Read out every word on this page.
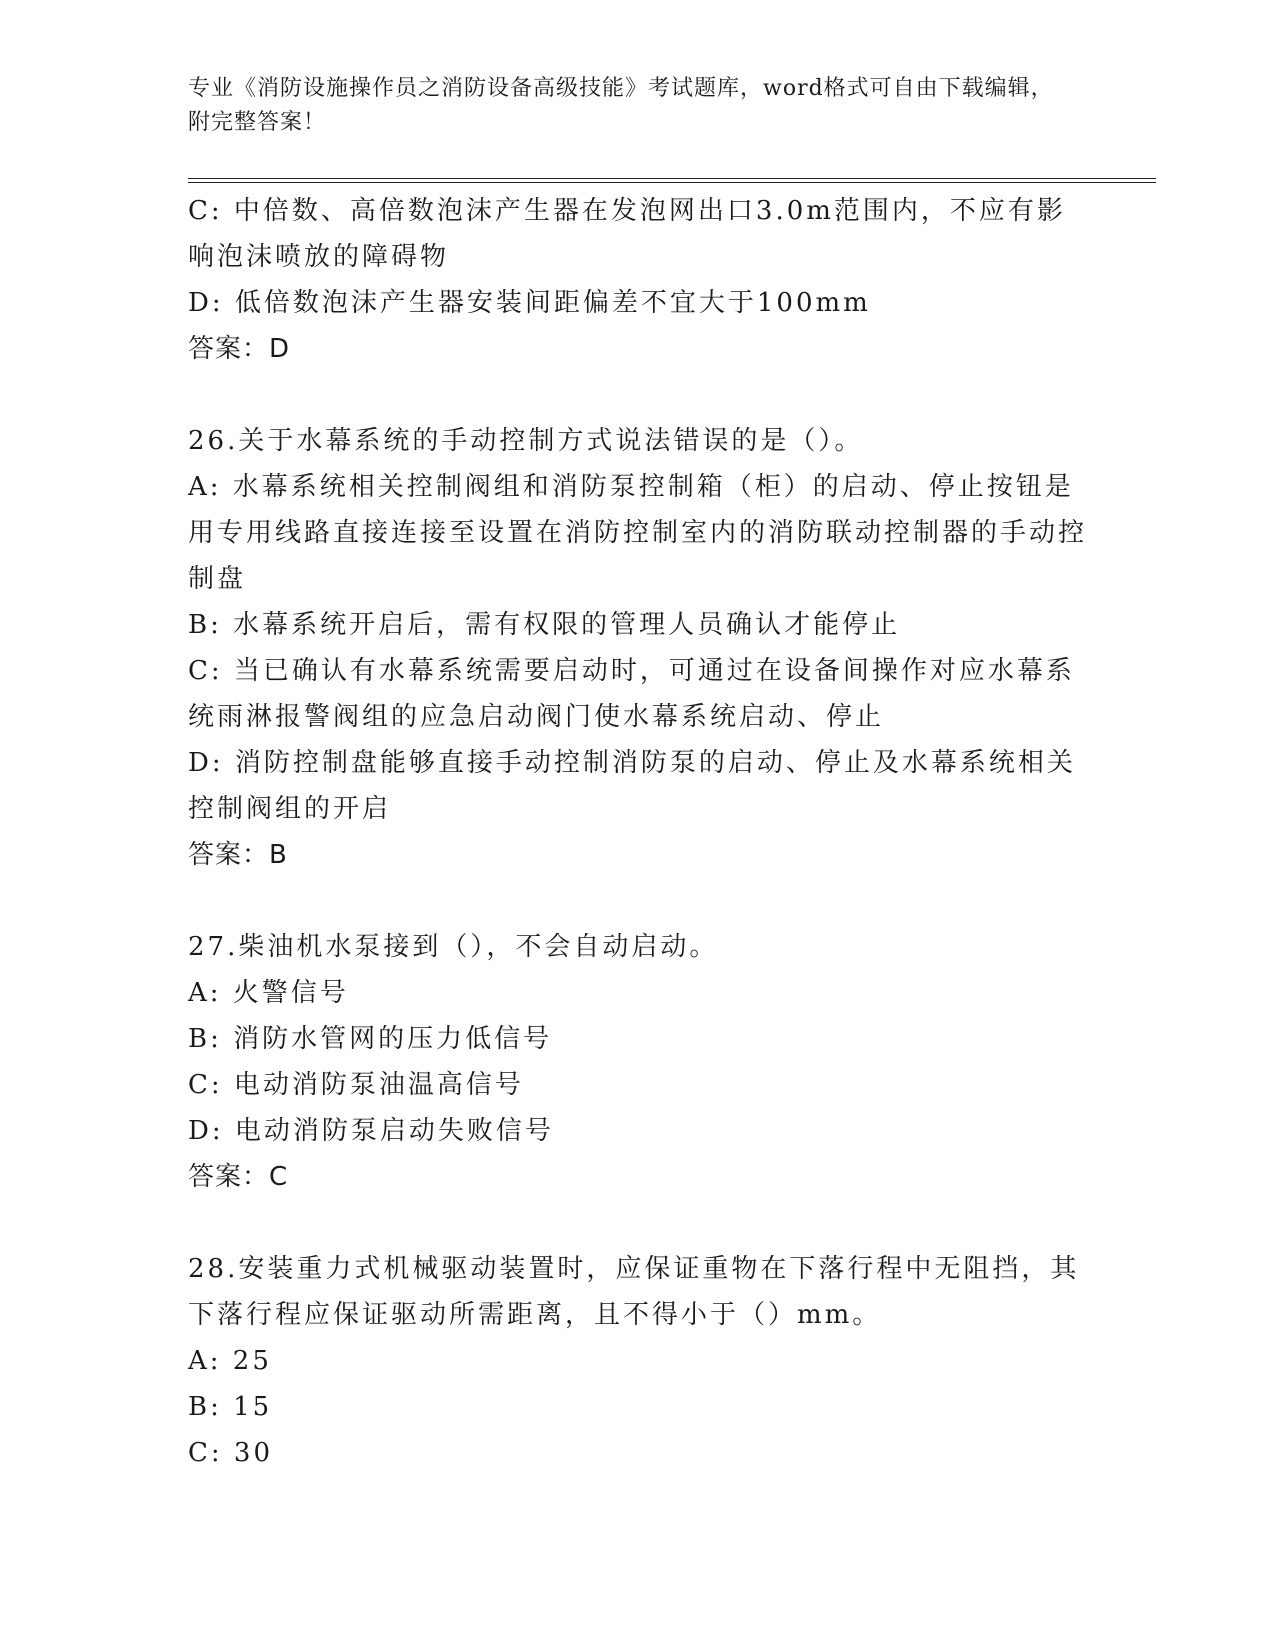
专业《消防设施操作员之消防设备高级技能》考试题库，word格式可自由下载编辑，附完整答案！

C: 中倍数、高倍数泡沫产生器在发泡网出口3.0m范围内，不应有影响泡沫喷放的障碍物

D: 低倍数泡沫产生器安装间距偏差不宜大于100mm

答案：D

26.关于水幕系统的手动控制方式说法错误的是（）。

A: 水幕系统相关控制阀组和消防泵控制箱（柜）的启动、停止按钮是用专用线路直接连接至设置在消防控制室内的消防联动控制器的手动控制盘

B: 水幕系统开启后，需有权限的管理人员确认才能停止

C: 当已确认有水幕系统需要启动时，可通过在设备间操作对应水幕系统雨淋报警阀组的应急启动阀门使水幕系统启动、停止

D: 消防控制盘能够直接手动控制消防泵的启动、停止及水幕系统相关控制阀组的开启

答案：B

27.柴油机水泵接到（），不会自动启动。

A: 火警信号

B: 消防水管网的压力低信号

C: 电动消防泵油温高信号

D: 电动消防泵启动失败信号

答案：C

28.安装重力式机械驱动装置时，应保证重物在下落行程中无阻挡，其下落行程应保证驱动所需距离，且不得小于（）mm。

A: 25

B: 15

C: 30
